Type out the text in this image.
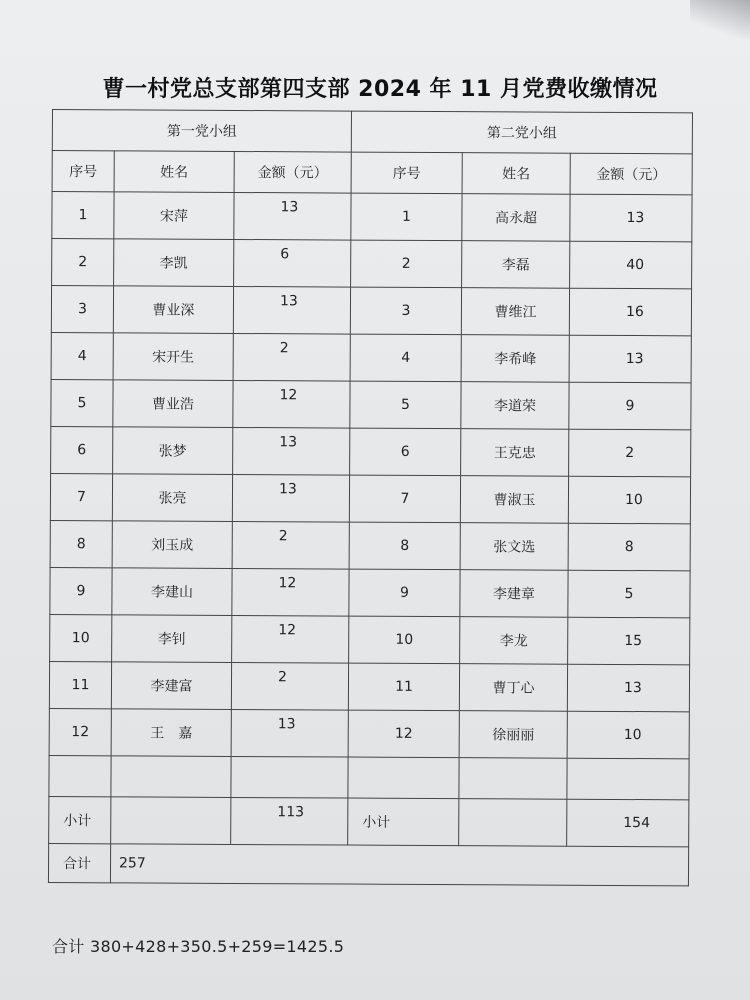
曹一村党总支部第四支部 2024 年 11 月党费收缴情况
第一党小组			第二党小组		
序号	姓名	金额（元）	序号	姓名	金额（元）
1	宋萍	13	1	高永超	13
2	李凯	6	2	李磊	40
3	曹业深	13	3	曹维江	16
4	宋开生	2	4	李希峰	13
5	曹业浩	12	5	李道荣	9
6	张梦	13	6	王克忠	2
7	张亮	13	7	曹淑玉	10
8	刘玉成	2	8	张文选	8
9	李建山	12	9	李建章	5
10	李钊	12	10	李龙	15
11	李建富	2	11	曹丁心	13
12	王　嘉	13	12	徐丽丽	10

小计		113	小计		154
合计	257				
合计 380+428+350.5+259=1425.5
